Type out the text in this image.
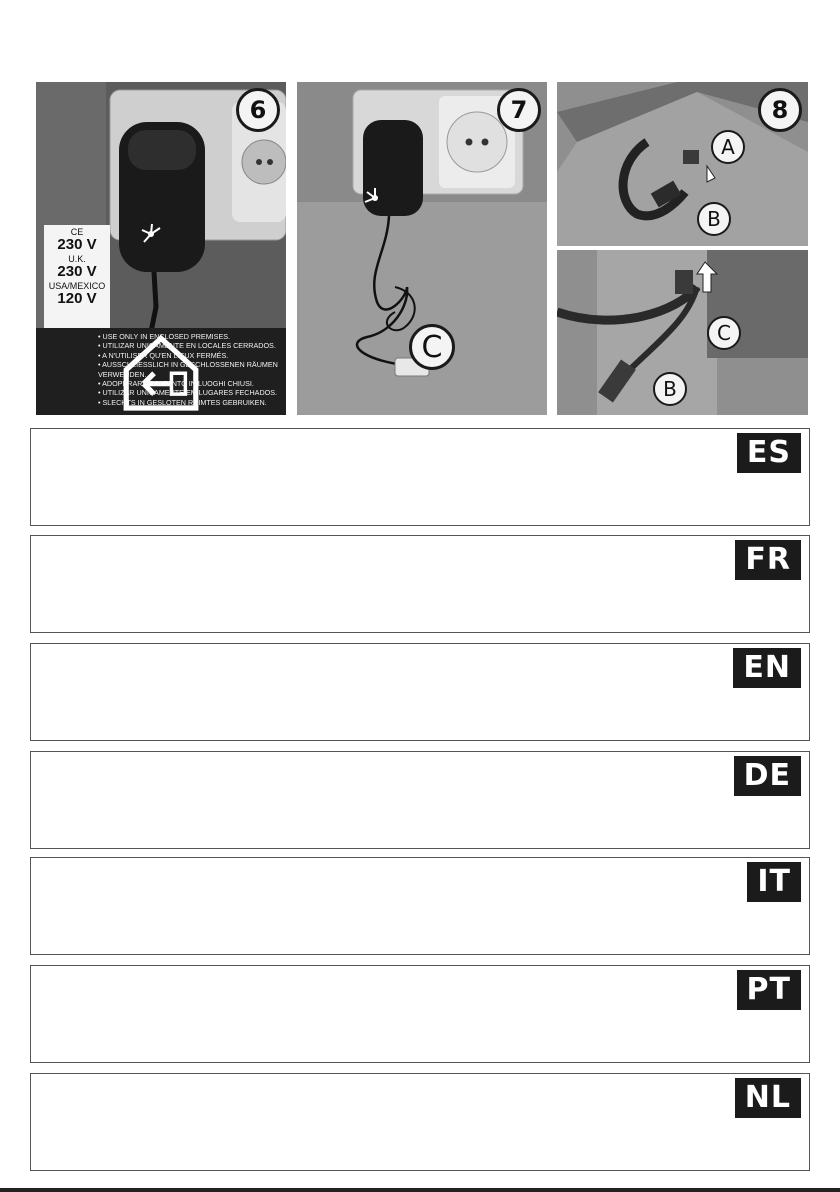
6
CE
230 V
U.K.
230 V
USA/MEXICO
120 V
• USE ONLY IN ENCLOSED PREMISES.
• UTILIZAR UNICAMENTE EN LOCALES CERRADOS.
• A N'UTILISER QU'EN LIEUX FERMÉS.
• AUSSCHLIESSLICH IN GESCHLOSSENEN RÄUMEN VERWENDEN.
• ADOPERARE SOLTANTO IN LUOGHI CHIUSI.
• UTILIZAR UNICAMENTE EM LUGARES FECHADOS.
• SLECHTS IN GESLOTEN RUIMTES GEBRUIKEN.
7
C
8
A
B
C
B
ES
FR
EN
DE
IT
PT
NL
